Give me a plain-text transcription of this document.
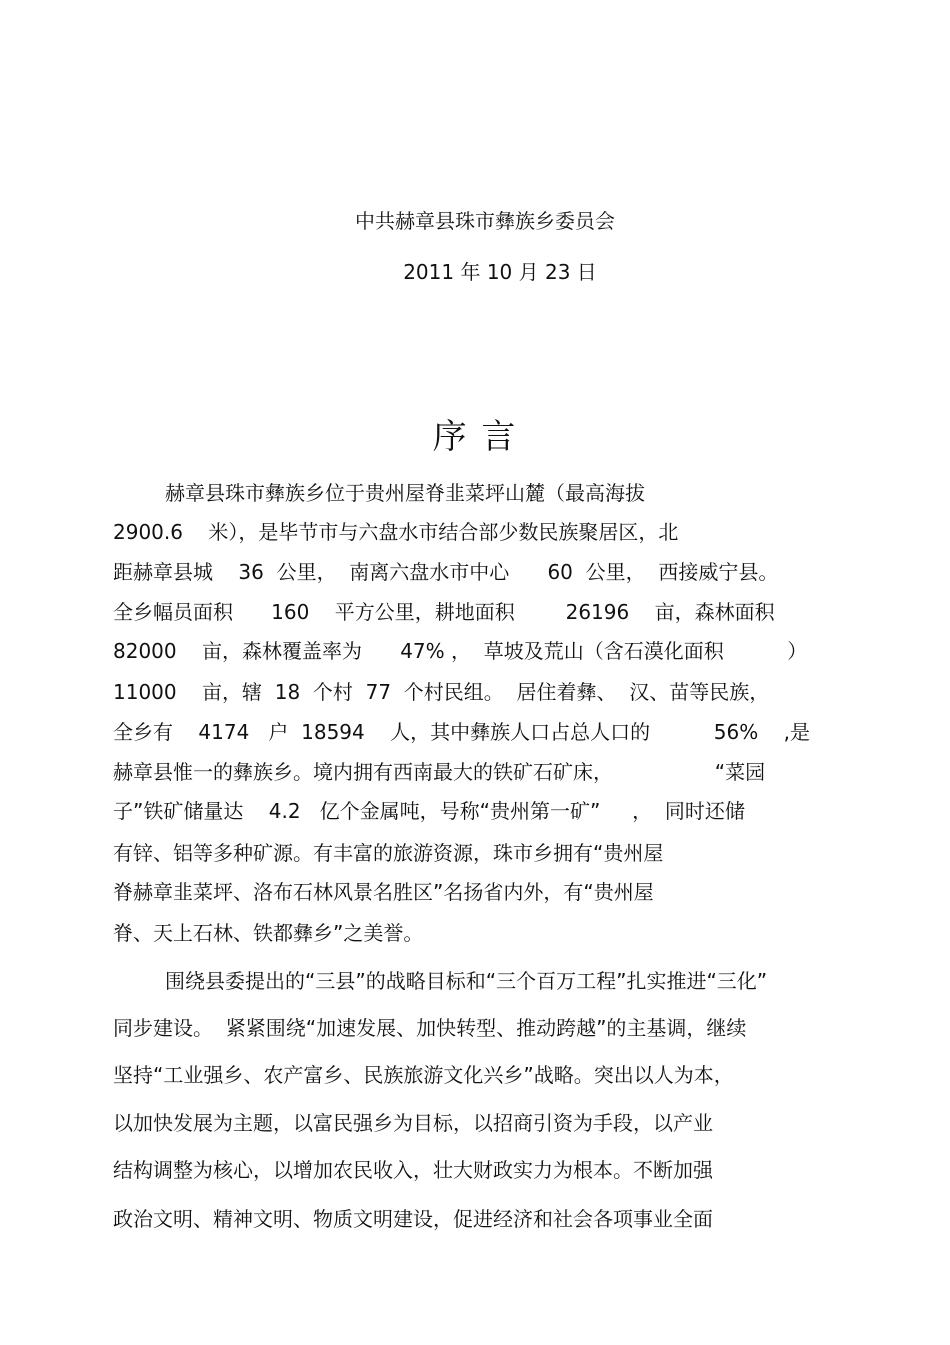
中共赫章县珠市彝族乡委员会
2011 年 10 月 23 日
序 言
赫章县珠市彝族乡位于贵州屋脊韭菜坪山麓（最高海拔
2900.6    米），是毕节市与六盘水市结合部少数民族聚居区，北
距赫章县城    36  公里，  南离六盘水市中心      60  公里，  西接威宁县。
全乡幅员面积      160    平方公里，耕地面积        26196    亩，森林面积
82000    亩，森林覆盖率为      47% ，  草坡及荒山（含石漠化面积          ）
11000    亩，辖  18  个村  77  个村民组。  居住着彝、  汉、苗等民族，
全乡有    4174   户  18594    人，其中彝族人口占总人口的          56%    ,是
赫章县惟一的彝族乡。境内拥有西南最大的铁矿石矿床，                “菜园
子”铁矿储量达    4.2   亿个金属吨，号称“贵州第一矿”     ，  同时还储
有锌、铝等多种矿源。有丰富的旅游资源，珠市乡拥有“贵州屋
脊赫章韭菜坪、洛布石林风景名胜区”名扬省内外，有“贵州屋
脊、天上石林、铁都彝乡”之美誉。
围绕县委提出的“三县”的战略目标和“三个百万工程”扎实推进“三化”
同步建设。  紧紧围绕“加速发展、加快转型、推动跨越”的主基调，继续
坚持“工业强乡、农产富乡、民族旅游文化兴乡”战略。突出以人为本，
以加快发展为主题，以富民强乡为目标，以招商引资为手段，以产业
结构调整为核心，以增加农民收入，壮大财政实力为根本。不断加强
政治文明、精神文明、物质文明建设，促进经济和社会各项事业全面
